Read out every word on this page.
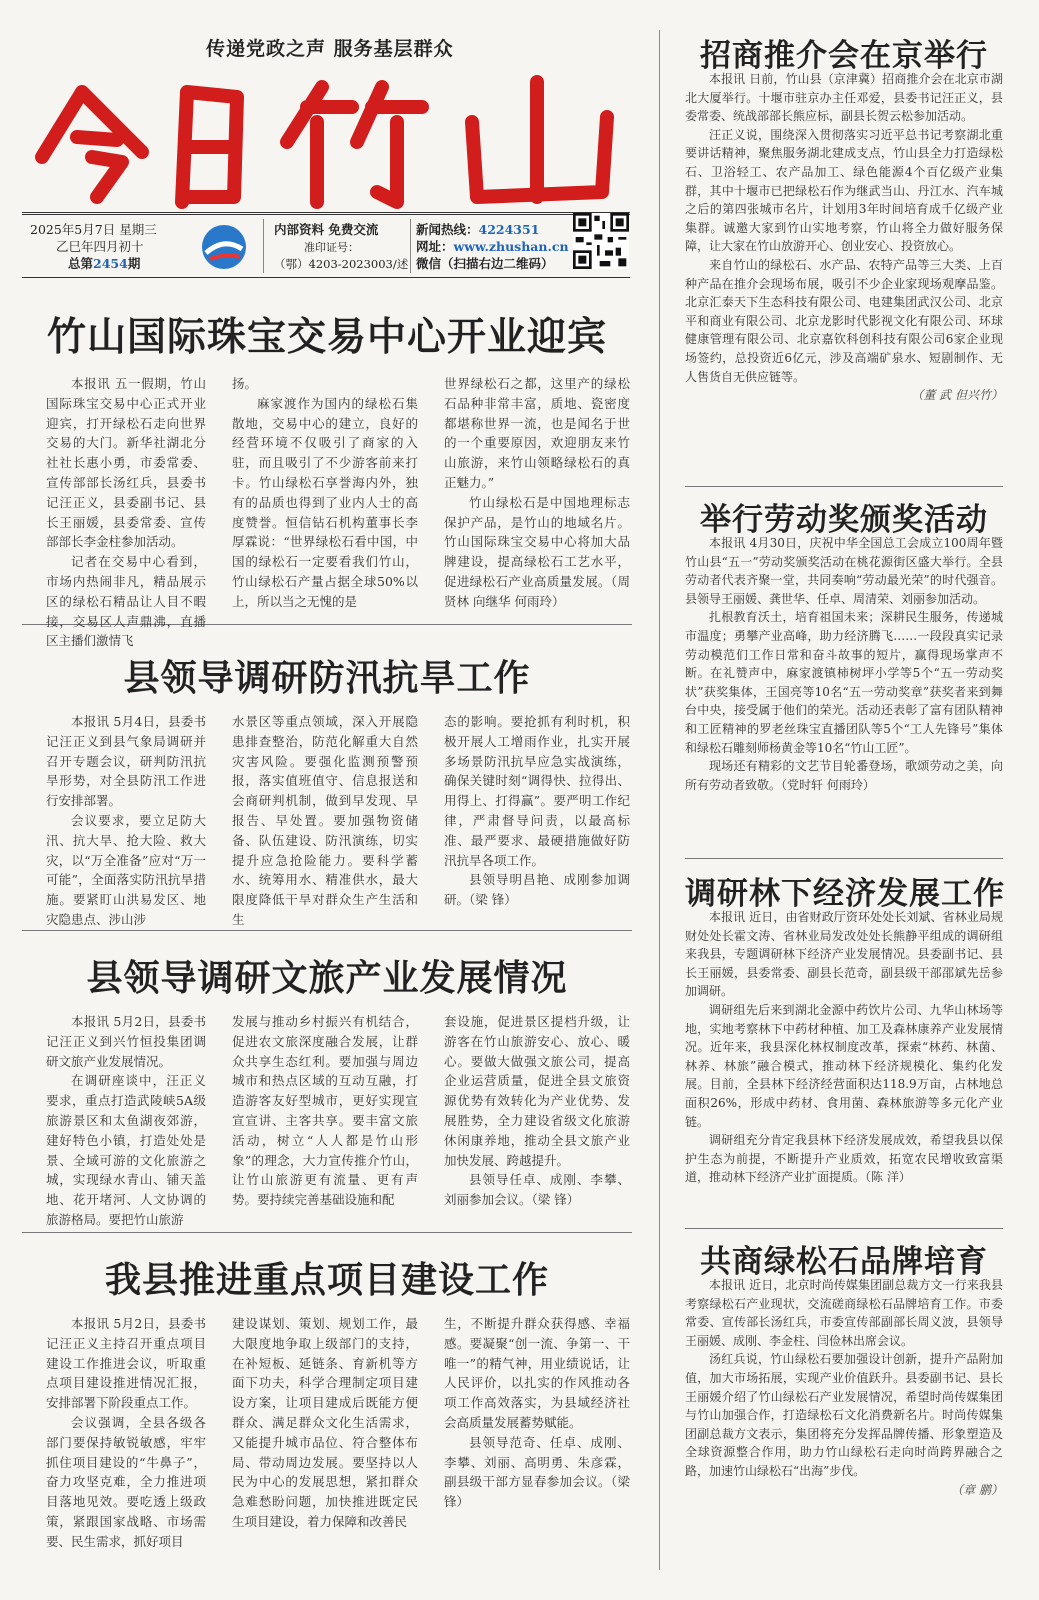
传递党政之声 服务基层群众
2025年5月7日 星期三
乙巳年四月初十
总第2454期
内部资料 免费交流
准印证号：
（鄂）4203-2023003/述
新闻热线：4224351
网址：www.zhushan.cn
微信（扫描右边二维码）
竹山国际珠宝交易中心开业迎宾

本报讯 五一假期，竹山国际珠宝交易中心正式开业迎宾，打开绿松石走向世界交易的大门。新华社湖北分社社长惠小勇，市委常委、宣传部部长汤红兵，县委书记汪正义，县委副书记、县长王丽媛，县委常委、宣传部部长李金柱参加活动。

记者在交易中心看到，市场内热闹非凡，精品展示区的绿松石精品让人目不暇接，交易区人声鼎沸，直播区主播们激情飞

扬。

麻家渡作为国内的绿松石集散地，交易中心的建立，良好的经营环境不仅吸引了商家的入驻，而且吸引了不少游客前来打卡。竹山绿松石享誉海内外，独有的品质也得到了业内人士的高度赞誉。恒信钻石机构董事长李厚霖说：“世界绿松石看中国，中国的绿松石一定要看我们竹山，竹山绿松石产量占据全球50%以上，所以当之无愧的是

世界绿松石之都，这里产的绿松石品种非常丰富，质地、瓷密度都堪称世界一流，也是闻名于世的一个重要原因，欢迎朋友来竹山旅游，来竹山领略绿松石的真正魅力。”

竹山绿松石是中国地理标志保护产品，是竹山的地域名片。竹山国际珠宝交易中心将加大品牌建设，提高绿松石工艺水平，促进绿松石产业高质量发展。（周贤林 向继华 何雨玲）

县领导调研防汛抗旱工作

本报讯 5月4日，县委书记汪正义到县气象局调研并召开专题会议，研判防汛抗旱形势，对全县防汛工作进行安排部署。

会议要求，要立足防大汛、抗大旱、抢大险、救大灾，以“万全准备”应对“万一可能”，全面落实防汛抗旱措施。要紧盯山洪易发区、地灾隐患点、涉山涉

水景区等重点领域，深入开展隐患排查整治，防范化解重大自然灾害风险。要强化监测预警预报，落实值班值守、信息报送和会商研判机制，做到早发现、早报告、早处置。要加强物资储备、队伍建设、防汛演练，切实提升应急抢险能力。要科学蓄水、统筹用水、精准供水，最大限度降低干旱对群众生产生活和生

态的影响。要抢抓有利时机，积极开展人工增雨作业，扎实开展多场景防汛抗旱应急实战演练，确保关键时刻“调得快、拉得出、用得上、打得赢”。要严明工作纪律，严肃督导问责，以最高标准、最严要求、最硬措施做好防汛抗旱各项工作。

县领导明昌艳、成刚参加调研。（梁 锋）

县领导调研文旅产业发展情况

本报讯 5月2日，县委书记汪正义到兴竹恒投集团调研文旅产业发展情况。

在调研座谈中，汪正义要求，重点打造武陵峡5A级旅游景区和太鱼湖夜郊游，建好特色小镇，打造处处是景、全域可游的文化旅游之城，实现绿水青山、铺天盖地、花开堵河、人文协调的旅游格局。要把竹山旅游

发展与推动乡村振兴有机结合，促进农文旅深度融合发展，让群众共享生态红利。要加强与周边城市和热点区域的互动互融，打造游客友好型城市，更好实现宣宣宣讲、主客共享。要丰富文旅活动，树立“人人都是竹山形象”的理念，大力宣传推介竹山，让竹山旅游更有流量、更有声势。要持续完善基础设施和配

套设施，促进景区提档升级，让游客在竹山旅游安心、放心、暖心。要做大做强文旅公司，提高企业运营质量，促进全县文旅资源优势有效转化为产业优势、发展胜势，全力建设省级文化旅游休闲康养地，推动全县文旅产业加快发展、跨越提升。

县领导任卓、成刚、李攀、刘丽参加会议。（梁 锋）

我县推进重点项目建设工作

本报讯 5月2日，县委书记汪正义主持召开重点项目建设工作推进会议，听取重点项目建设推进情况汇报，安排部署下阶段重点工作。

会议强调，全县各级各部门要保持敏锐敏感，牢牢抓住项目建设的“牛鼻子”，奋力攻坚克难，全力推进项目落地见效。要吃透上级政策，紧跟国家战略、市场需要、民生需求，抓好项目

建设谋划、策划、规划工作，最大限度地争取上级部门的支持，在补短板、延链条、育新机等方面下功夫，科学合理制定项目建设方案，让项目建成后既能方便群众、满足群众文化生活需求，又能提升城市品位、符合整体布局、带动周边发展。要坚持以人民为中心的发展思想，紧扣群众急难愁盼问题，加快推进既定民生项目建设，着力保障和改善民

生，不断提升群众获得感、幸福感。要凝聚“创一流、争第一、干唯一”的精气神，用业绩说话，让人民评价，以扎实的作风推动各项工作高效落实，为县域经济社会高质量发展蓄势赋能。

县领导范奇、任卓、成刚、李攀、刘丽、高明勇、朱彦霖，副县级干部方显春参加会议。（梁 锋）

招商推介会在京举行

本报讯 日前，竹山县（京津冀）招商推介会在北京市湖北大厦举行。十堰市驻京办主任邓爱，县委书记汪正义，县委常委、统战部部长熊应标，副县长贺云松参加活动。

汪正义说，围绕深入贯彻落实习近平总书记考察湖北重要讲话精神，聚焦服务湖北建成支点，竹山县全力打造绿松石、卫浴轻工、农产品加工、绿色能源4个百亿级产业集群，其中十堰市已把绿松石作为继武当山、丹江水、汽车城之后的第四张城市名片，计划用3年时间培育成千亿级产业集群。诚邀大家到竹山实地考察，竹山将全力做好服务保障，让大家在竹山放游开心、创业安心、投资放心。

来自竹山的绿松石、水产品、农特产品等三大类、上百种产品在推介会现场布展，吸引不少企业家现场观摩品鉴。北京汇泰天下生态科技有限公司、电建集团武汉公司、北京平和商业有限公司、北京龙影时代影视文化有限公司、环球健康管理有限公司、北京嘉钦科创科技有限公司6家企业现场签约，总投资近6亿元，涉及高端矿泉水、短剧制作、无人售货自无供应链等。

（董 武 但兴竹）

举行劳动奖颁奖活动

本报讯 4月30日，庆祝中华全国总工会成立100周年暨竹山县“五一”劳动奖颁奖活动在桃花源街区盛大举行。全县劳动者代表齐聚一堂，共同奏响“劳动最光荣”的时代强音。县领导王丽媛、龚世华、任卓、周清荣、刘丽参加活动。

扎根教育沃土，培育祖国未来；深耕民生服务，传递城市温度；勇攀产业高峰，助力经济腾飞……一段段真实记录劳动模范们工作日常和奋斗故事的短片，赢得现场掌声不断。在礼赞声中，麻家渡镇柿树坪小学等5个“五一劳动奖状”获奖集体，王国亮等10名“五一劳动奖章”获奖者来到舞台中央，接受属于他们的荣光。活动还表彰了富有团队精神和工匠精神的罗老丝珠宝直播团队等5个“工人先锋号”集体和绿松石雕刻师杨黄金等10名“竹山工匠”。

现场还有精彩的文艺节目轮番登场，歌颂劳动之美，向所有劳动者致敬。（党时轩 何雨玲）

调研林下经济发展工作

本报讯 近日，由省财政厅资环处处长刘斌、省林业局规财处处长霍文涛、省林业局发改处处长熊静平组成的调研组来我县，专题调研林下经济产业发展情况。县委副书记、县长王丽媛，县委常委、副县长范奇，副县级干部邵斌先岳参加调研。

调研组先后来到湖北金源中药饮片公司、九华山林场等地，实地考察林下中药材种植、加工及森林康养产业发展情况。近年来，我县深化林权制度改革，探索“林药、林菌、林养、林旅”融合模式，推动林下经济规模化、集约化发展。目前，全县林下经济经营面积达118.9万亩，占林地总面积26%，形成中药材、食用菌、森林旅游等多元化产业链。

调研组充分肯定我县林下经济发展成效，希望我县以保护生态为前提，不断提升产业质效，拓宽农民增收致富渠道，推动林下经济产业扩面提质。（陈 洋）

共商绿松石品牌培育

本报讯 近日，北京时尚传媒集团副总裁方文一行来我县考察绿松石产业现状，交流磋商绿松石品牌培育工作。市委常委、宣传部长汤红兵，市委宣传部副部长周义波，县领导王丽媛、成刚、李金柱、闫俭林出席会议。

汤红兵说，竹山绿松石要加强设计创新，提升产品附加值，加大市场拓展，实现产业价值跃升。县委副书记、县长王丽媛介绍了竹山绿松石产业发展情况，希望时尚传媒集团与竹山加强合作，打造绿松石文化消费新名片。时尚传媒集团副总裁方文表示，集团将充分发挥品牌传播、形象塑造及全球资源整合作用，助力竹山绿松石走向时尚跨界融合之路，加速竹山绿松石“出海”步伐。

（章 鹏）
